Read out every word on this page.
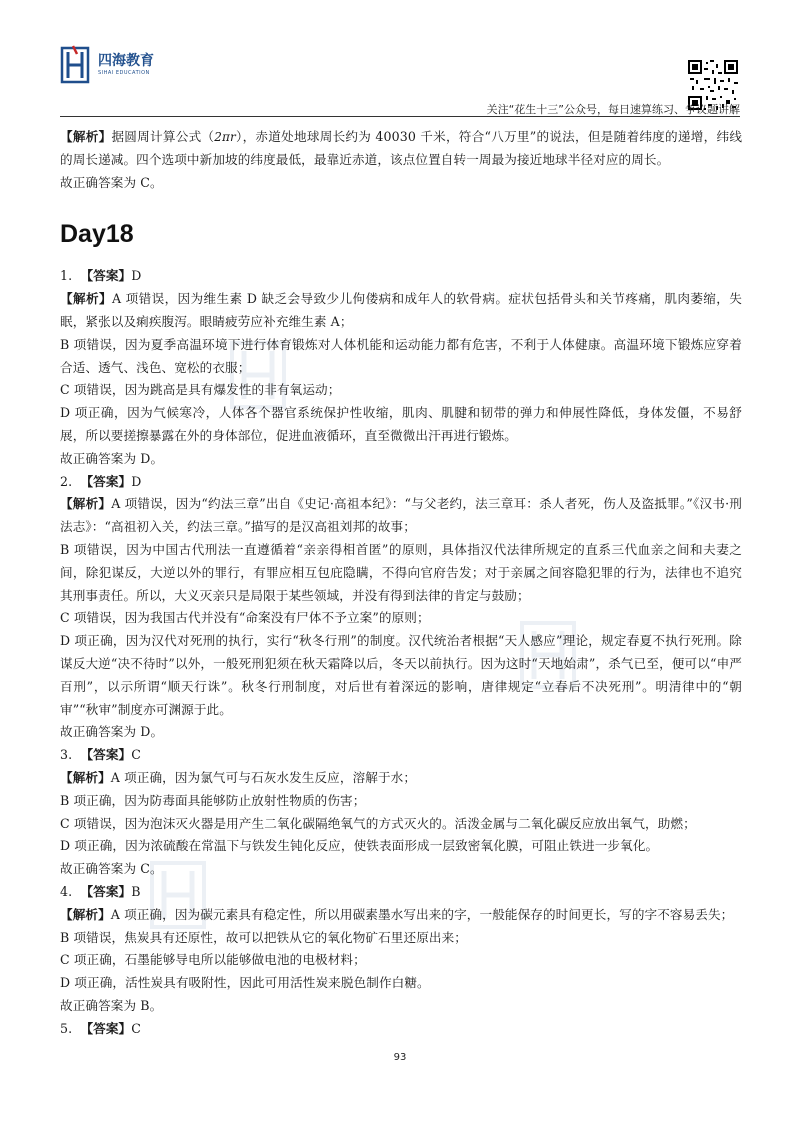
四海教育
SIHAI EDUCATION
关注“花生十三”公众号，每日速算练习、争议题讲解

【解析】据圆周计算公式（2πr），赤道处地球周长约为 40030 千米，符合“八万里”的说法，但是随着纬度的递增，纬线的周长递减。四个选项中新加坡的纬度最低，最靠近赤道，该点位置自转一周最为接近地球半径对应的周长。

故正确答案为 C。

Day18

1. 【答案】D

【解析】A 项错误，因为维生素 D 缺乏会导致少儿佝偻病和成年人的软骨病。症状包括骨头和关节疼痛，肌肉萎缩，失眠，紧张以及痢疾腹泻。眼睛疲劳应补充维生素 A；

B 项错误，因为夏季高温环境下进行体育锻炼对人体机能和运动能力都有危害，不利于人体健康。高温环境下锻炼应穿着合适、透气、浅色、宽松的衣服；

C 项错误，因为跳高是具有爆发性的非有氧运动；

D 项正确，因为气候寒冷，人体各个器官系统保护性收缩，肌肉、肌腱和韧带的弹力和伸展性降低，身体发僵，不易舒展，所以要搓擦暴露在外的身体部位，促进血液循环，直至微微出汗再进行锻炼。

故正确答案为 D。

2. 【答案】D

【解析】A 项错误，因为“约法三章”出自《史记·高祖本纪》：“与父老约，法三章耳：杀人者死，伤人及盗抵罪。”《汉书·刑法志》：“高祖初入关，约法三章。”描写的是汉高祖刘邦的故事；

B 项错误，因为中国古代刑法一直遵循着“亲亲得相首匿”的原则，具体指汉代法律所规定的直系三代血亲之间和夫妻之间，除犯谋反，大逆以外的罪行，有罪应相互包庇隐瞒，不得向官府告发；对于亲属之间容隐犯罪的行为，法律也不追究其刑事责任。所以，大义灭亲只是局限于某些领域，并没有得到法律的肯定与鼓励；

C 项错误，因为我国古代并没有“命案没有尸体不予立案”的原则；

D 项正确，因为汉代对死刑的执行，实行“秋冬行刑”的制度。汉代统治者根据“天人感应”理论，规定春夏不执行死刑。除谋反大逆“决不待时”以外，一般死刑犯须在秋天霜降以后，冬天以前执行。因为这时“天地始肃”，杀气已至，便可以“申严百刑”，以示所谓“顺天行诛”。秋冬行刑制度，对后世有着深远的影响，唐律规定“立春后不决死刑”。明清律中的“朝审”“秋审”制度亦可渊源于此。

故正确答案为 D。

3. 【答案】C

【解析】A 项正确，因为氯气可与石灰水发生反应，溶解于水；

B 项正确，因为防毒面具能够防止放射性物质的伤害；

C 项错误，因为泡沫灭火器是用产生二氧化碳隔绝氧气的方式灭火的。活泼金属与二氧化碳反应放出氧气，助燃；

D 项正确，因为浓硫酸在常温下与铁发生钝化反应，使铁表面形成一层致密氧化膜，可阻止铁进一步氧化。

故正确答案为 C。

4. 【答案】B

【解析】A 项正确，因为碳元素具有稳定性，所以用碳素墨水写出来的字，一般能保存的时间更长，写的字不容易丢失；

B 项错误，焦炭具有还原性，故可以把铁从它的氧化物矿石里还原出来；

C 项正确，石墨能够导电所以能够做电池的电极材料；

D 项正确，活性炭具有吸附性，因此可用活性炭来脱色制作白糖。

故正确答案为 B。

5. 【答案】C

93
